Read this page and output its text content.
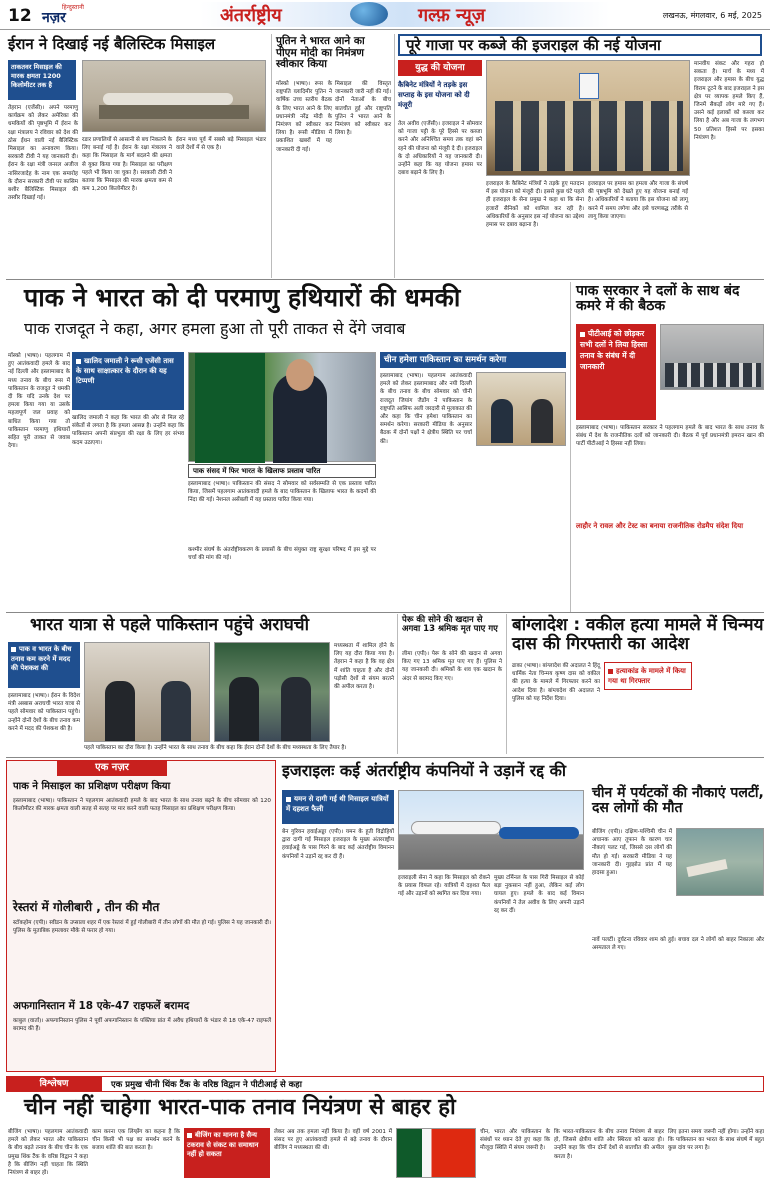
12	हिन्दुस्तानी
नज़र	अंतर्राष्ट्रीय	गल्फ़ न्यूज़	लखनऊ, मंगलवार, 6 मई, 2025
ईरान ने दिखाई नई बैलिस्टिक मिसाइल
ताकतवर मिसाइल की मारक क्षमता 1200 किलोमीटर तक है
तेहरान (एजेंसी)। अपने परमाणु कार्यक्रम को लेकर अमेरिका की धमकियों की पृष्ठभूमि में ईरान के रक्षा मंत्रालय ने रविवार को देश की ठोस ईंधन वाली नई बैलिस्टिक मिसाइल का अनावरण किया। सरकारी टीवी ने यह जानकारी दी। ईरान के रक्षा मंत्री जनरल अजीज नासिरजादेह के नाम एक समारोह के दौरान सरकारी टीवी पर कासिम बशीर बैलिस्टिक मिसाइल की तस्वीर दिखाई गई।
रडार प्रणालियों से आसानी से बच निकलने के लिए बनाई गई है। ईरान के रक्षा मंत्रालय ने कहा कि मिसाइल के मार्ग बदलने की क्षमता से युक्त किया गया है। मिसाइल का परीक्षण पहले भी किया जा चुका है। सरकारी टीवी ने बताया कि मिसाइल की मारक क्षमता कम से कम 1,200 किलोमीटर है।
ईरान मध्य पूर्व में सबसे बड़े मिसाइल भंडार वाले देशों में से एक है।
पुतिन ने भारत आने का पीएम मोदी का निमंत्रण स्वीकार किया
मॉस्को (भाषा)। रूस के राष्ट्रपति व्लादिमीर पुतिन ने वार्षिक उच्च स्तरीय बैठक के लिए भारत आने के लिए प्रधानमंत्री नरेंद्र मोदी के निमंत्रण को स्वीकार कर लिया है। रूसी मीडिया में प्रकाशित खबरों में यह जानकारी दी गई।
मिसाइल की विस्तृत जानकारी जारी नहीं की गई। दोनों नेताओं के बीच बातचीत हुई और राष्ट्रपति पुतिन ने भारत आने के निमंत्रण को स्वीकार कर लिया है।
पूरे गाजा पर कब्जे की इजराइल की नई योजना
युद्ध की योजना
कैबिनेट मंत्रियों ने तड़के इस सप्ताह के इस योजना को दी मंजूरी
तेल अवीव (एजेंसी)। इजराइल ने सोमवार को गाजा पट्टी के पूरे हिस्से पर कब्जा करने और अनिश्चित समय तक वहां बने रहने की योजना को मंजूरी दे दी। इजराइल के दो अधिकारियों ने यह जानकारी दी। उन्होंने कहा कि यह योजना हमास पर दबाव बढ़ाने के लिए है।
इजराइल के कैबिनेट मंत्रियों ने तड़के हुए मतदान में इस योजना को मंजूरी दी। इससे कुछ घंटे पहले ही इजराइल के सेना प्रमुख ने कहा था कि सेना हजारों सैनिकों को शामिल कर रही है। अधिकारियों के अनुसार इस नई योजना का उद्देश्य हमास पर दबाव बढ़ाना है।
इजराइल पर हमास का हमला और गाजा के संघर्ष की पृष्ठभूमि को देखते हुए यह योजना बनाई गई है। अधिकारियों ने बताया कि इस योजना को लागू करने में समय लगेगा और इसे चरणबद्ध तरीके से लागू किया जाएगा।
मानवीय संकट और गहरा हो सकता है। मार्च के मध्य में इजराइल और हमास के बीच युद्ध विराम टूटने के बाद इजराइल ने इस क्षेत्र पर व्यापक हमले किए हैं, जिनमें सैकड़ों लोग मारे गए हैं। उसने कई इलाकों को कब्जा कर लिया है और अब गाजा के लगभग 50 प्रतिशत हिस्से पर इसका नियंत्रण है।
पाक ने भारत को दी परमाणु हथियारों की धमकी
पाक राजदूत ने कहा, अगर हमला हुआ तो पूरी ताकत से देंगे जवाब
खालिद जमाली ने रूसी एजेंसी तास के साथ साक्षात्कार के दौरान की यह टिप्पणी
मॉस्को (भाषा)। पहलगाम में हुए आतंकवादी हमले के बाद नई दिल्ली और इस्लामाबाद के मध्य तनाव के बीच रूस में पाकिस्तान के राजदूत ने धमकी दी कि यदि उनके देश पर हमला किया गया या उसके महत्वपूर्ण जल प्रवाह को बाधित किया गया तो पाकिस्तान परमाणु हथियारों सहित पूरी ताकत से जवाब देगा।
खालिद जमाली ने कहा कि भारत की ओर से मिल रहे संकेतों से लगता है कि हमला आसन्न है। उन्होंने कहा कि पाकिस्तान अपनी संप्रभुता की रक्षा के लिए हर संभव कदम उठाएगा।
पाक संसद में फिर भारत के खिलाफ प्रस्ताव पारित
इस्लामाबाद (भाषा)। पाकिस्तान की संसद ने सोमवार को सर्वसम्मति से एक प्रस्ताव पारित किया, जिसमें पहलगाम आतंकवादी हमले के बाद पाकिस्तान के खिलाफ भारत के कदमों की निंदा की गई। नेशनल असेंबली में यह प्रस्ताव पारित किया गया।
कश्मीर संघर्ष के अंतर्राष्ट्रीयकरण के प्रयासों के बीच संयुक्त राष्ट्र सुरक्षा परिषद में इस मुद्दे पर चर्चा की मांग की गई।
चीन हमेशा पाकिस्तान का समर्थन करेगा
इस्लामाबाद (भाषा)। पहलगाम आतंकवादी हमले को लेकर इस्लामाबाद और नयी दिल्ली के बीच तनाव के बीच सोमवार को चीनी राजदूत जियांग जैडोंग ने पाकिस्तान के राष्ट्रपति आसिफ अली जरदारी से मुलाकात की और कहा कि चीन हमेशा पाकिस्तान का समर्थन करेगा। सरकारी मीडिया के अनुसार बैठक में दोनों पक्षों ने क्षेत्रीय स्थिति पर चर्चा की।
पाक सरकार ने दलों के साथ बंद कमरे में की बैठक
पीटीआई को छोड़कर सभी दलों ने लिया हिस्सा तनाव के संबंध में दी जानकारी
इस्लामाबाद (भाषा)। पाकिस्तान सरकार ने पहलगाम हमले के बाद भारत के साथ तनाव के संबंध में देश के राजनीतिक दलों को जानकारी दी। बैठक में पूर्व प्रधानमंत्री इमरान खान की पार्टी पीटीआई ने हिस्सा नहीं लिया।
लाहौर ने रावल और टेस्ट का बनाया राजनीतिक रोडमैप संदेश दिया
भारत यात्रा से पहले पाकिस्तान पहुंचे अराघची
पाक व भारत के बीच तनाव कम करने में मदद की पेशकश की
इस्लामाबाद (भाषा)। ईरान के विदेश मंत्री अब्बास अराघची भारत यात्रा से पहले सोमवार को पाकिस्तान पहुंचे। उन्होंने दोनों देशों के बीच तनाव कम करने में मदद की पेशकश की है।
पहले पाकिस्तान का दौरा किया है। उन्होंने भारत के साथ तनाव के बीच कहा कि ईरान दोनों देशों के बीच मध्यस्थता के लिए तैयार है।
मध्यस्थता में शामिल होने के लिए यह दौरा किया गया है। तेहरान ने कहा है कि वह क्षेत्र में शांति चाहता है और दोनों पड़ोसी देशों से संयम बरतने की अपील करता है।
पेरू की सोने की खदान से अगवा 13 श्रमिक मृत पाए गए
लीमा (एपी)। पेरू के सोने की खदान से अगवा किए गए 13 श्रमिक मृत पाए गए हैं। पुलिस ने यह जानकारी दी। श्रमिकों के शव एक खदान के अंदर से बरामद किए गए।
बांग्लादेश : वकील हत्या मामले में चिन्मय दास की गिरफ्तारी का आदेश
ढाका (भाषा)। बांग्लादेश की अदालत ने हिंदू धार्मिक नेता चिन्मय कृष्ण दास को वकील की हत्या के मामले में गिरफ्तार करने का आदेश दिया है। बांग्लादेश की अदालत ने पुलिस को यह निर्देश दिया।
हत्याकांड के मामले में किया गया था गिरफ्तार
एक नज़र
पाक ने मिसाइल का प्रशिक्षण परीक्षण किया
इस्लामाबाद (भाषा)। पाकिस्तान ने पहलगाम आतंकवादी हमले के बाद भारत के साथ तनाव बढ़ने के बीच सोमवार को 120 किलोमीटर की मारक क्षमता वाली सतह से सतह पर मार करने वाली फतह मिसाइल का प्रशिक्षण परीक्षण किया।
रेस्तरां में गोलीबारी , तीन की मौत
स्टॉकहोम (एपी)। स्वीडन के उप्साला शहर में एक रेस्तरां में हुई गोलीबारी में तीन लोगों की मौत हो गई। पुलिस ने यह जानकारी दी। पुलिस के मुताबिक हमलावर मौके से फरार हो गया।
अफगानिस्तान में 18 एके-47 राइफलें बरामद
काबुल (वार्ता)। अफगानिस्तान पुलिस ने पूर्वी अफगानिस्तान के पक्तिया प्रांत में अवैध हथियारों के भंडार से 18 एके-47 राइफलें बरामद की हैं।
इजराइलः कई अंतर्राष्ट्रीय कंपनियों ने उड़ानें रद्द की
यमन से दागी गई थी मिसाइल यात्रियों में दहशत फैली
बेन गुरियन हवाईअड्डा (एपी)। यमन के हूती विद्रोहियों द्वारा दागी गई मिसाइल इजराइल के मुख्य अंतरराष्ट्रीय हवाईअड्डे के पास गिरने के बाद कई अंतर्राष्ट्रीय विमानन कंपनियों ने उड़ानें रद्द कर दी हैं।
इजराइली सेना ने कहा कि मिसाइल को रोकने के प्रयास विफल रहे। यात्रियों में दहशत फैल गई और उड़ानों को स्थगित कर दिया गया।
मुख्य टर्मिनल के पास गिरी मिसाइल से कोई बड़ा नुकसान नहीं हुआ, लेकिन कई लोग घायल हुए। हमले के बाद कई विमान कंपनियों ने तेल अवीव के लिए अपनी उड़ानें रद्द कर दीं।
चीन में पर्यटकों की नौकाएं पलटीं, दस लोगों की मौत
बीजिंग (एपी)। दक्षिण-पश्चिमी चीन में अचानक आए तूफान के कारण चार नौकाएं पलट गईं, जिससे दस लोगों की मौत हो गई। सरकारी मीडिया ने यह जानकारी दी। गुइझोउ प्रांत में यह हादसा हुआ।
नावें पलटीं। दुर्घटना रविवार शाम को हुई। बचाव दल ने लोगों को बाहर निकाला और अस्पताल ले गए।
विश्लेषण	एक प्रमुख चीनी थिंक टैंक के वरिष्ठ विद्वान ने पीटीआई से कहा
चीन नहीं चाहेगा भारत-पाक तनाव नियंत्रण से बाहर हो
बीजिंग (भाषा)। पहलगाम आतंकवादी हमले को लेकर भारत और पाकिस्तान के बीच बढ़ते तनाव के बीच चीन के एक प्रमुख थिंक टैंक के वरिष्ठ विद्वान ने कहा है कि बीजिंग नहीं चाहता कि स्थिति नियंत्रण से बाहर हो।
काम करना एक लिंग्झेंग का कहना है कि चीन किसी भी पक्ष का समर्थन करने के बजाय शांति की बात करता है।
बीजिंग का मानना है सैन्य टकराव से संकट का समाधान नहीं हो सकता
लेकर अब तक हमला नहीं किया है। वहीं वर्ष 2001 में संसद पर हुए आतंकवादी हमले से बढ़े तनाव के दौरान बीजिंग ने मध्यस्थता की थी।
चीन, भारत और पाकिस्तान के संबंधों पर ध्यान देते हुए कहा कि मौजूदा स्थिति में संयम जरूरी है।
कि भारत-पाकिस्तान के बीच तनाव नियंत्रण से बाहर हो, जिससे क्षेत्रीय शांति और स्थिरता को खतरा हो। उन्होंने कहा कि चीन दोनों देशों से बातचीत की अपील करता है।
लिए इतना समय जरूरी नहीं होगा। उन्होंने कहा कि पाकिस्तान का भारत के साथ संघर्ष में बहुत कुछ दांव पर लगा है।
